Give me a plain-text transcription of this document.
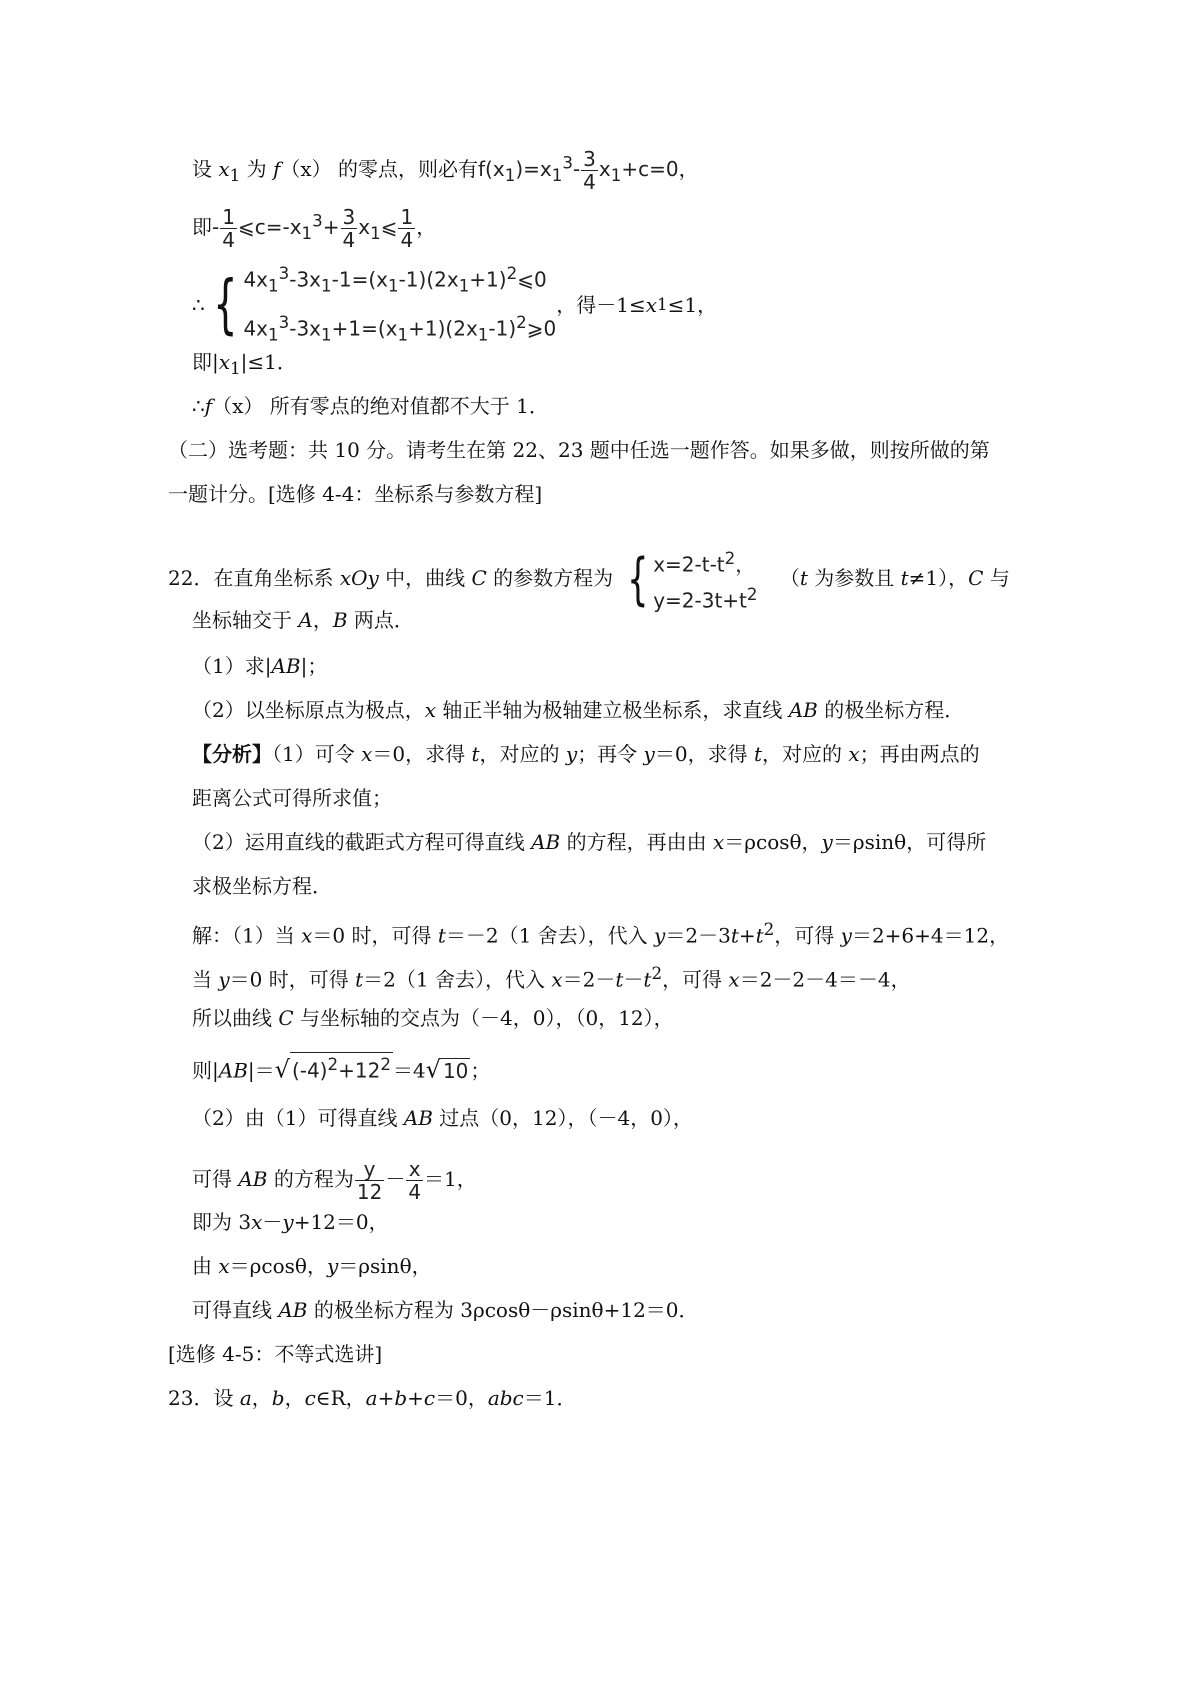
设 $x_1$ 为 f（x） 的零点，则必有$f(x_1)=x_1^3- \frac{3}{4} x_1+c=0$，
即- $\frac{1}{4}$ $⩽c=-x_1^3+ \frac{3}{4}$ $x_1⩽ \frac{1}{4}$ ，
∴ { $4x_1^3-3x_1-1=(x_1-1)(2x_1+1)^2⩽0$
$4x_1^3-3x_1+1=(x_1+1)(2x_1-1)^2⩾0$
，得－1≤ x 1 ≤1，
即$|x_1|\le 1$．
∴f（x） 所有零点的绝对值都不大于 1．
（二）选考题：共 10 分。请考生在第 22、23 题中任选一题作答。如果多做，则按所做的第
一题计分。[选修 4-4：坐标系与参数方程]
22．在直角坐标系 xOy 中，曲线 C 的参数方程为 { $x=2-t-t^2$，
$y=2-3t+t^2$
（t 为参数且 t≠1），C 与
坐标轴交于 A，B 两点．
（1）求|AB|；
（2）以坐标原点为极点，x 轴正半轴为极轴建立极坐标系，求直线 AB 的极坐标方程．
【分析】（1）可令 x＝0，求得 t，对应的 y；再令 y＝0，求得 t，对应的 x；再由两点的
距离公式可得所求值；
（2）运用直线的截距式方程可得直线 AB 的方程，再由由 x＝ρcosθ，y＝ρsinθ，可得所
求极坐标方程．
解：（1）当 x＝0 时，可得 t＝－2（1 舍去），代入 $y=2-3t+t^2$，可得 y＝2+6+4＝12，
当 y＝0 时，可得 t＝2（1 舍去），代入 $x=2-t-t^2$，可得 x＝2－2－4＝－4，
所以曲线 C 与坐标轴的交点为（－4，0），（0，12），
则|AB|＝√ $(-4)^2+12^2 =4√$ 10 ；
（2）由（1）可得直线 AB 过点（0，12），（－4，0），
可得 AB 的方程为 $\frac{y}{12} - \frac{x}{4} =1$，
即为 3x－y+12＝0，
由 x＝ρcosθ，y＝ρsinθ，
可得直线 AB 的极坐标方程为 3ρcosθ－ρsinθ+12＝0．
[选修 4-5：不等式选讲]
23．设 a，b，c∈R，a+b+c＝0，abc＝1．
